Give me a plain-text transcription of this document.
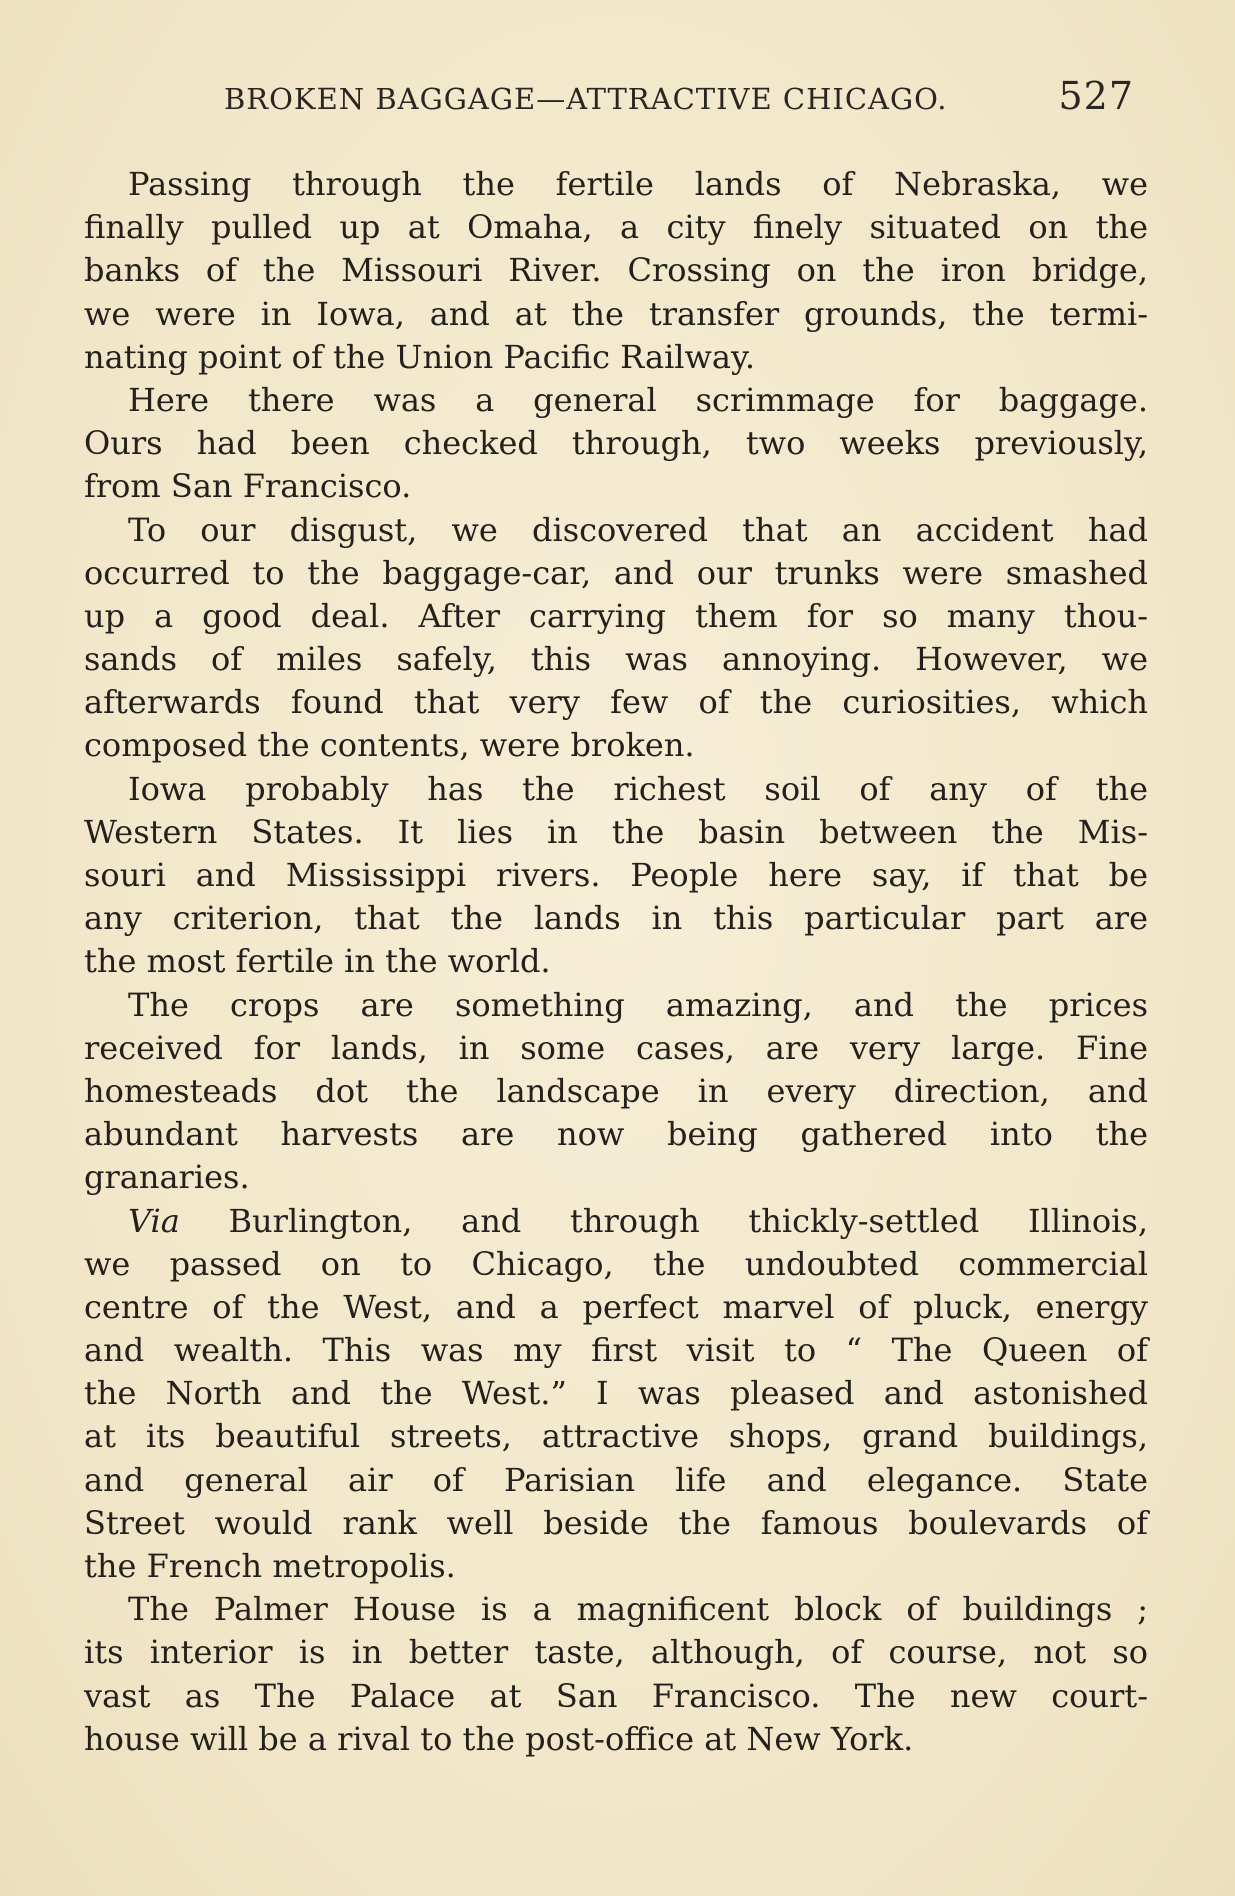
BROKEN BAGGAGE—ATTRACTIVE CHICAGO.	527
Passing through the fertile lands of Nebraska, we
finally pulled up at Omaha, a city finely situated on the
banks of the Missouri River. Crossing on the iron bridge,
we were in Iowa, and at the transfer grounds, the termi-
nating point of the Union Pacific Railway.
Here there was a general scrimmage for baggage.
Ours had been checked through, two weeks previously,
from San Francisco.
To our disgust, we discovered that an accident had
occurred to the baggage-car, and our trunks were smashed
up a good deal. After carrying them for so many thou-
sands of miles safely, this was annoying. However, we
afterwards found that very few of the curiosities, which
composed the contents, were broken.
Iowa probably has the richest soil of any of the
Western States. It lies in the basin between the Mis-
souri and Mississippi rivers. People here say, if that be
any criterion, that the lands in this particular part are
the most fertile in the world.
The crops are something amazing, and the prices
received for lands, in some cases, are very large. Fine
homesteads dot the landscape in every direction, and
abundant harvests are now being gathered into the
granaries.
Via Burlington, and through thickly-settled Illinois,
we passed on to Chicago, the undoubted commercial
centre of the West, and a perfect marvel of pluck, energy
and wealth. This was my first visit to “ The Queen of
the North and the West.” I was pleased and astonished
at its beautiful streets, attractive shops, grand buildings,
and general air of Parisian life and elegance. State
Street would rank well beside the famous boulevards of
the French metropolis.
The Palmer House is a magnificent block of buildings ;
its interior is in better taste, although, of course, not so
vast as The Palace at San Francisco. The new court-
house will be a rival to the post-office at New York.
